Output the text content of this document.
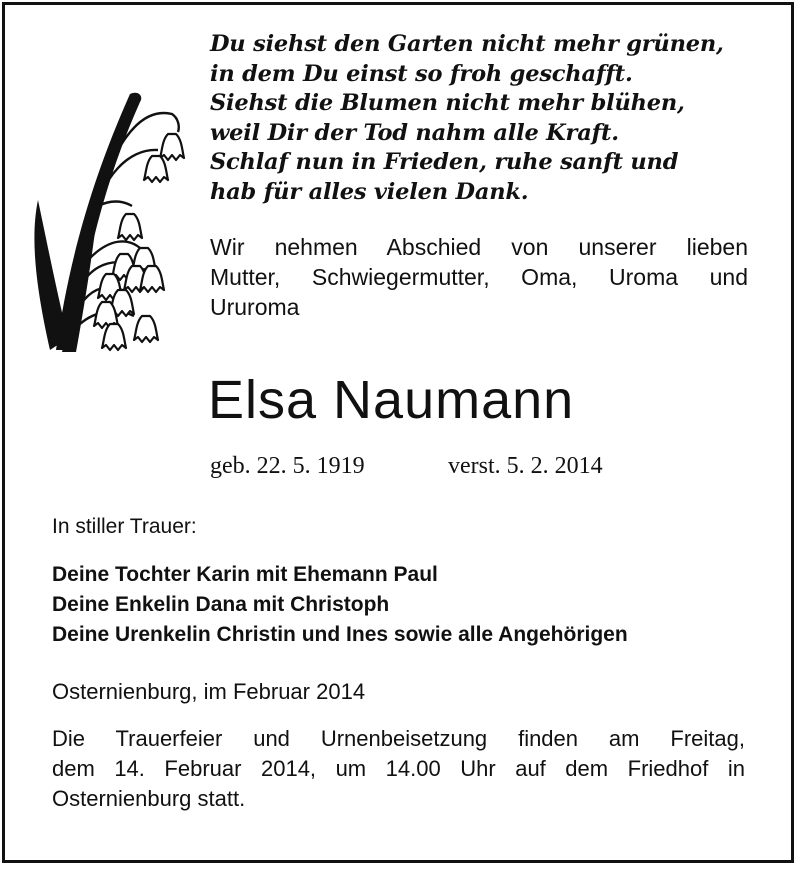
Du siehst den Garten nicht mehr grünen,
in dem Du einst so froh geschafft.
Siehst die Blumen nicht mehr blühen,
weil Dir der Tod nahm alle Kraft.
Schlaf nun in Frieden, ruhe sanft und
hab für alles vielen Dank.
Wir nehmen Abschied von unserer lieben
Mutter, Schwiegermutter, Oma, Uroma und
Ururoma
Elsa Naumann
geb. 22. 5. 1919	verst. 5. 2. 2014
In stiller Trauer:
Deine Tochter Karin mit Ehemann Paul
Deine Enkelin Dana mit Christoph
Deine Urenkelin Christin und Ines sowie alle Angehörigen
Osternienburg, im Februar 2014
Die Trauerfeier und Urnenbeisetzung finden am Freitag,
dem 14. Februar 2014, um 14.00 Uhr auf dem Friedhof in
Osternienburg statt.
